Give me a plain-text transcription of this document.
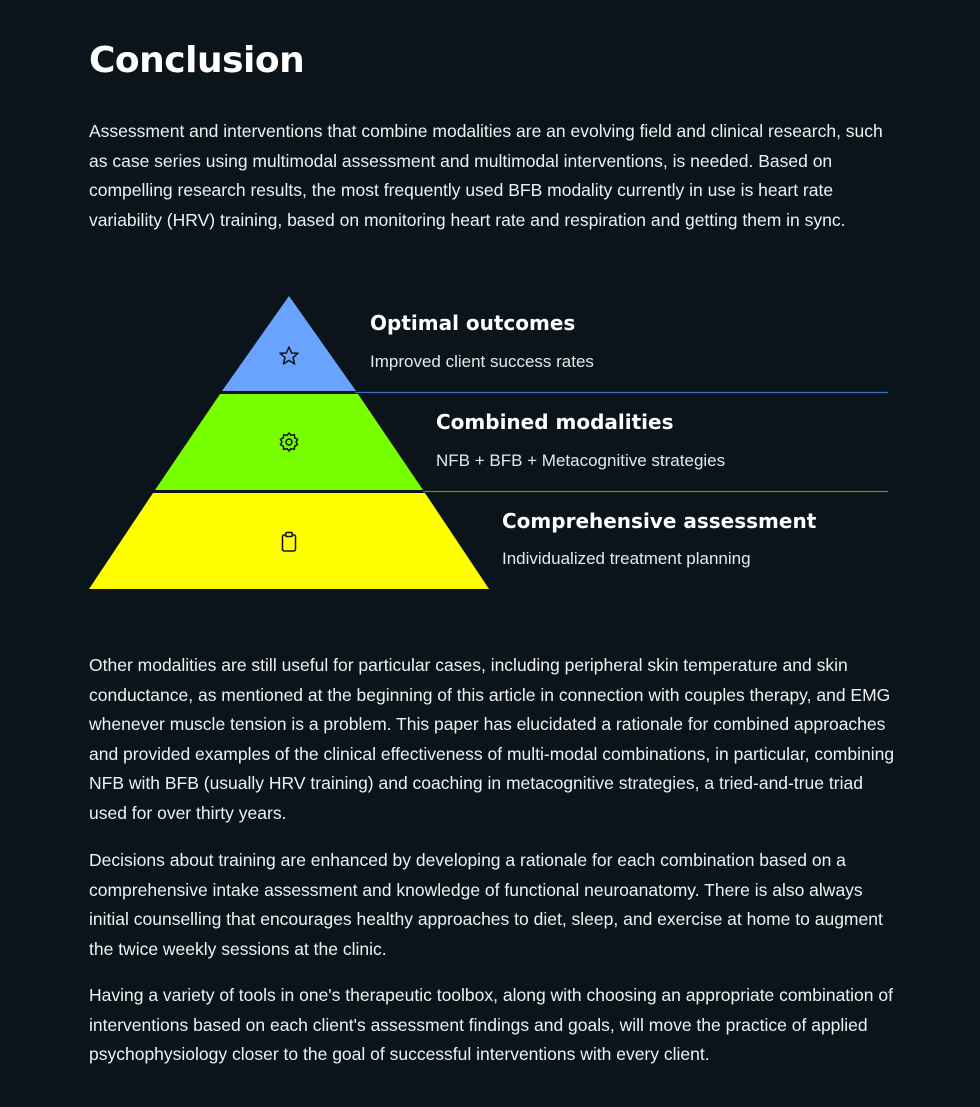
Conclusion

Assessment and interventions that combine modalities are an evolving field and clinical research, such as case series using multimodal assessment and multimodal interventions, is needed. Based on compelling research results, the most frequently used BFB modality currently in use is heart rate variability (HRV) training, based on monitoring heart rate and respiration and getting them in sync.

Optimal outcomes

Improved client success rates

Combined modalities

NFB + BFB + Metacognitive strategies

Comprehensive assessment

Individualized treatment planning

Other modalities are still useful for particular cases, including peripheral skin temperature and skin conductance, as mentioned at the beginning of this article in connection with couples therapy, and EMG whenever muscle tension is a problem. This paper has elucidated a rationale for combined approaches and provided examples of the clinical effectiveness of multi-modal combinations, in particular, combining NFB with BFB (usually HRV training) and coaching in metacognitive strategies, a tried-and-true triad used for over thirty years.

Decisions about training are enhanced by developing a rationale for each combination based on a comprehensive intake assessment and knowledge of functional neuroanatomy. There is also always initial counselling that encourages healthy approaches to diet, sleep, and exercise at home to augment the twice weekly sessions at the clinic.

Having a variety of tools in one's therapeutic toolbox, along with choosing an appropriate combination of interventions based on each client's assessment findings and goals, will move the practice of applied psychophysiology closer to the goal of successful interventions with every client.
